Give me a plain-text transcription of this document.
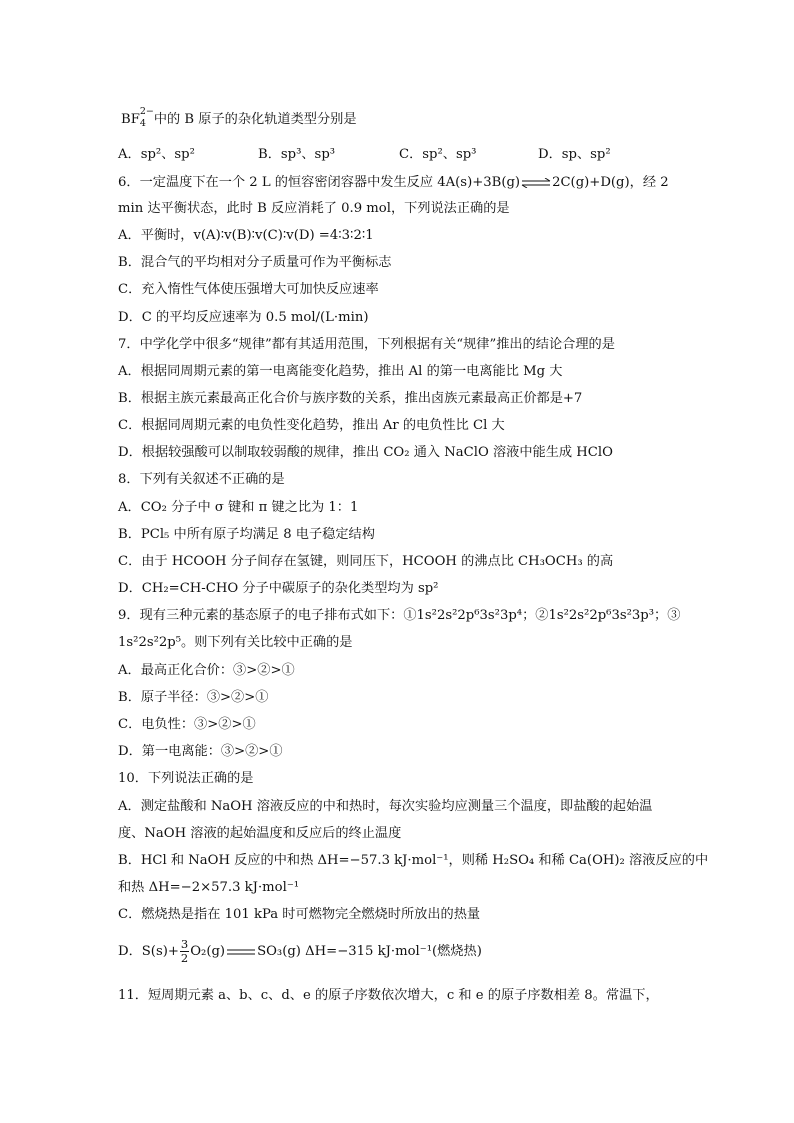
BF
2−
4 中的 B 原子的杂化轨道类型分别是
A．sp²、sp²	B．sp³、sp³	C．sp²、sp³	D．sp、sp²
6．一定温度下在一个 2 L 的恒容密闭容器中发生反应 4A(s)+3B(g)⇌2C(g)+D(g)，经 2
min 达平衡状态，此时 B 反应消耗了 0.9 mol，下列说法正确的是
A．平衡时，v(A)∶v(B)∶v(C)∶v(D) =4∶3∶2∶1
B．混合气的平均相对分子质量可作为平衡标志
C．充入惰性气体使压强增大可加快反应速率
D．C 的平均反应速率为 0.5 mol/(L·min)
7．中学化学中很多“规律”都有其适用范围，下列根据有关“规律”推出的结论合理的是
A．根据同周期元素的第一电离能变化趋势，推出 Al 的第一电离能比 Mg 大
B．根据主族元素最高正化合价与族序数的关系，推出卤族元素最高正价都是+7
C．根据同周期元素的电负性变化趋势，推出 Ar 的电负性比 Cl 大
D．根据较强酸可以制取较弱酸的规律，推出 CO₂ 通入 NaClO 溶液中能生成 HClO
8．下列有关叙述不正确的是
A．CO₂ 分子中 σ 键和 π 键之比为 1：1
B．PCl₅ 中所有原子均满足 8 电子稳定结构
C．由于 HCOOH 分子间存在氢键，则同压下，HCOOH 的沸点比 CH₃OCH₃ 的高
D．CH₂=CH-CHO 分子中碳原子的杂化类型均为 sp²
9．现有三种元素的基态原子的电子排布式如下：①1s²2s²2p⁶3s²3p⁴；②1s²2s²2p⁶3s²3p³；③
1s²2s²2p⁵。则下列有关比较中正确的是
A．最高正化合价：③>②>①
B．原子半径：③>②>①
C．电负性：③>②>①
D．第一电离能：③>②>①
10．下列说法正确的是
A．测定盐酸和 NaOH 溶液反应的中和热时，每次实验均应测量三个温度，即盐酸的起始温
度、NaOH 溶液的起始温度和反应后的终止温度
B．HCl 和 NaOH 反应的中和热 ΔH=−57.3 kJ·mol⁻¹，则稀 H₂SO₄ 和稀 Ca(OH)₂ 溶液反应的中
和热 ΔH=−2×57.3 kJ·mol⁻¹
C．燃烧热是指在 101 kPa 时可燃物完全燃烧时所放出的热量
D．$S(s)+ \frac{3}{2} O_2(g)$ SO₃(g) ΔH=−315 kJ·mol⁻¹(燃烧热)
11．短周期元素 a、b、c、d、e 的原子序数依次增大，c 和 e 的原子序数相差 8。常温下，
